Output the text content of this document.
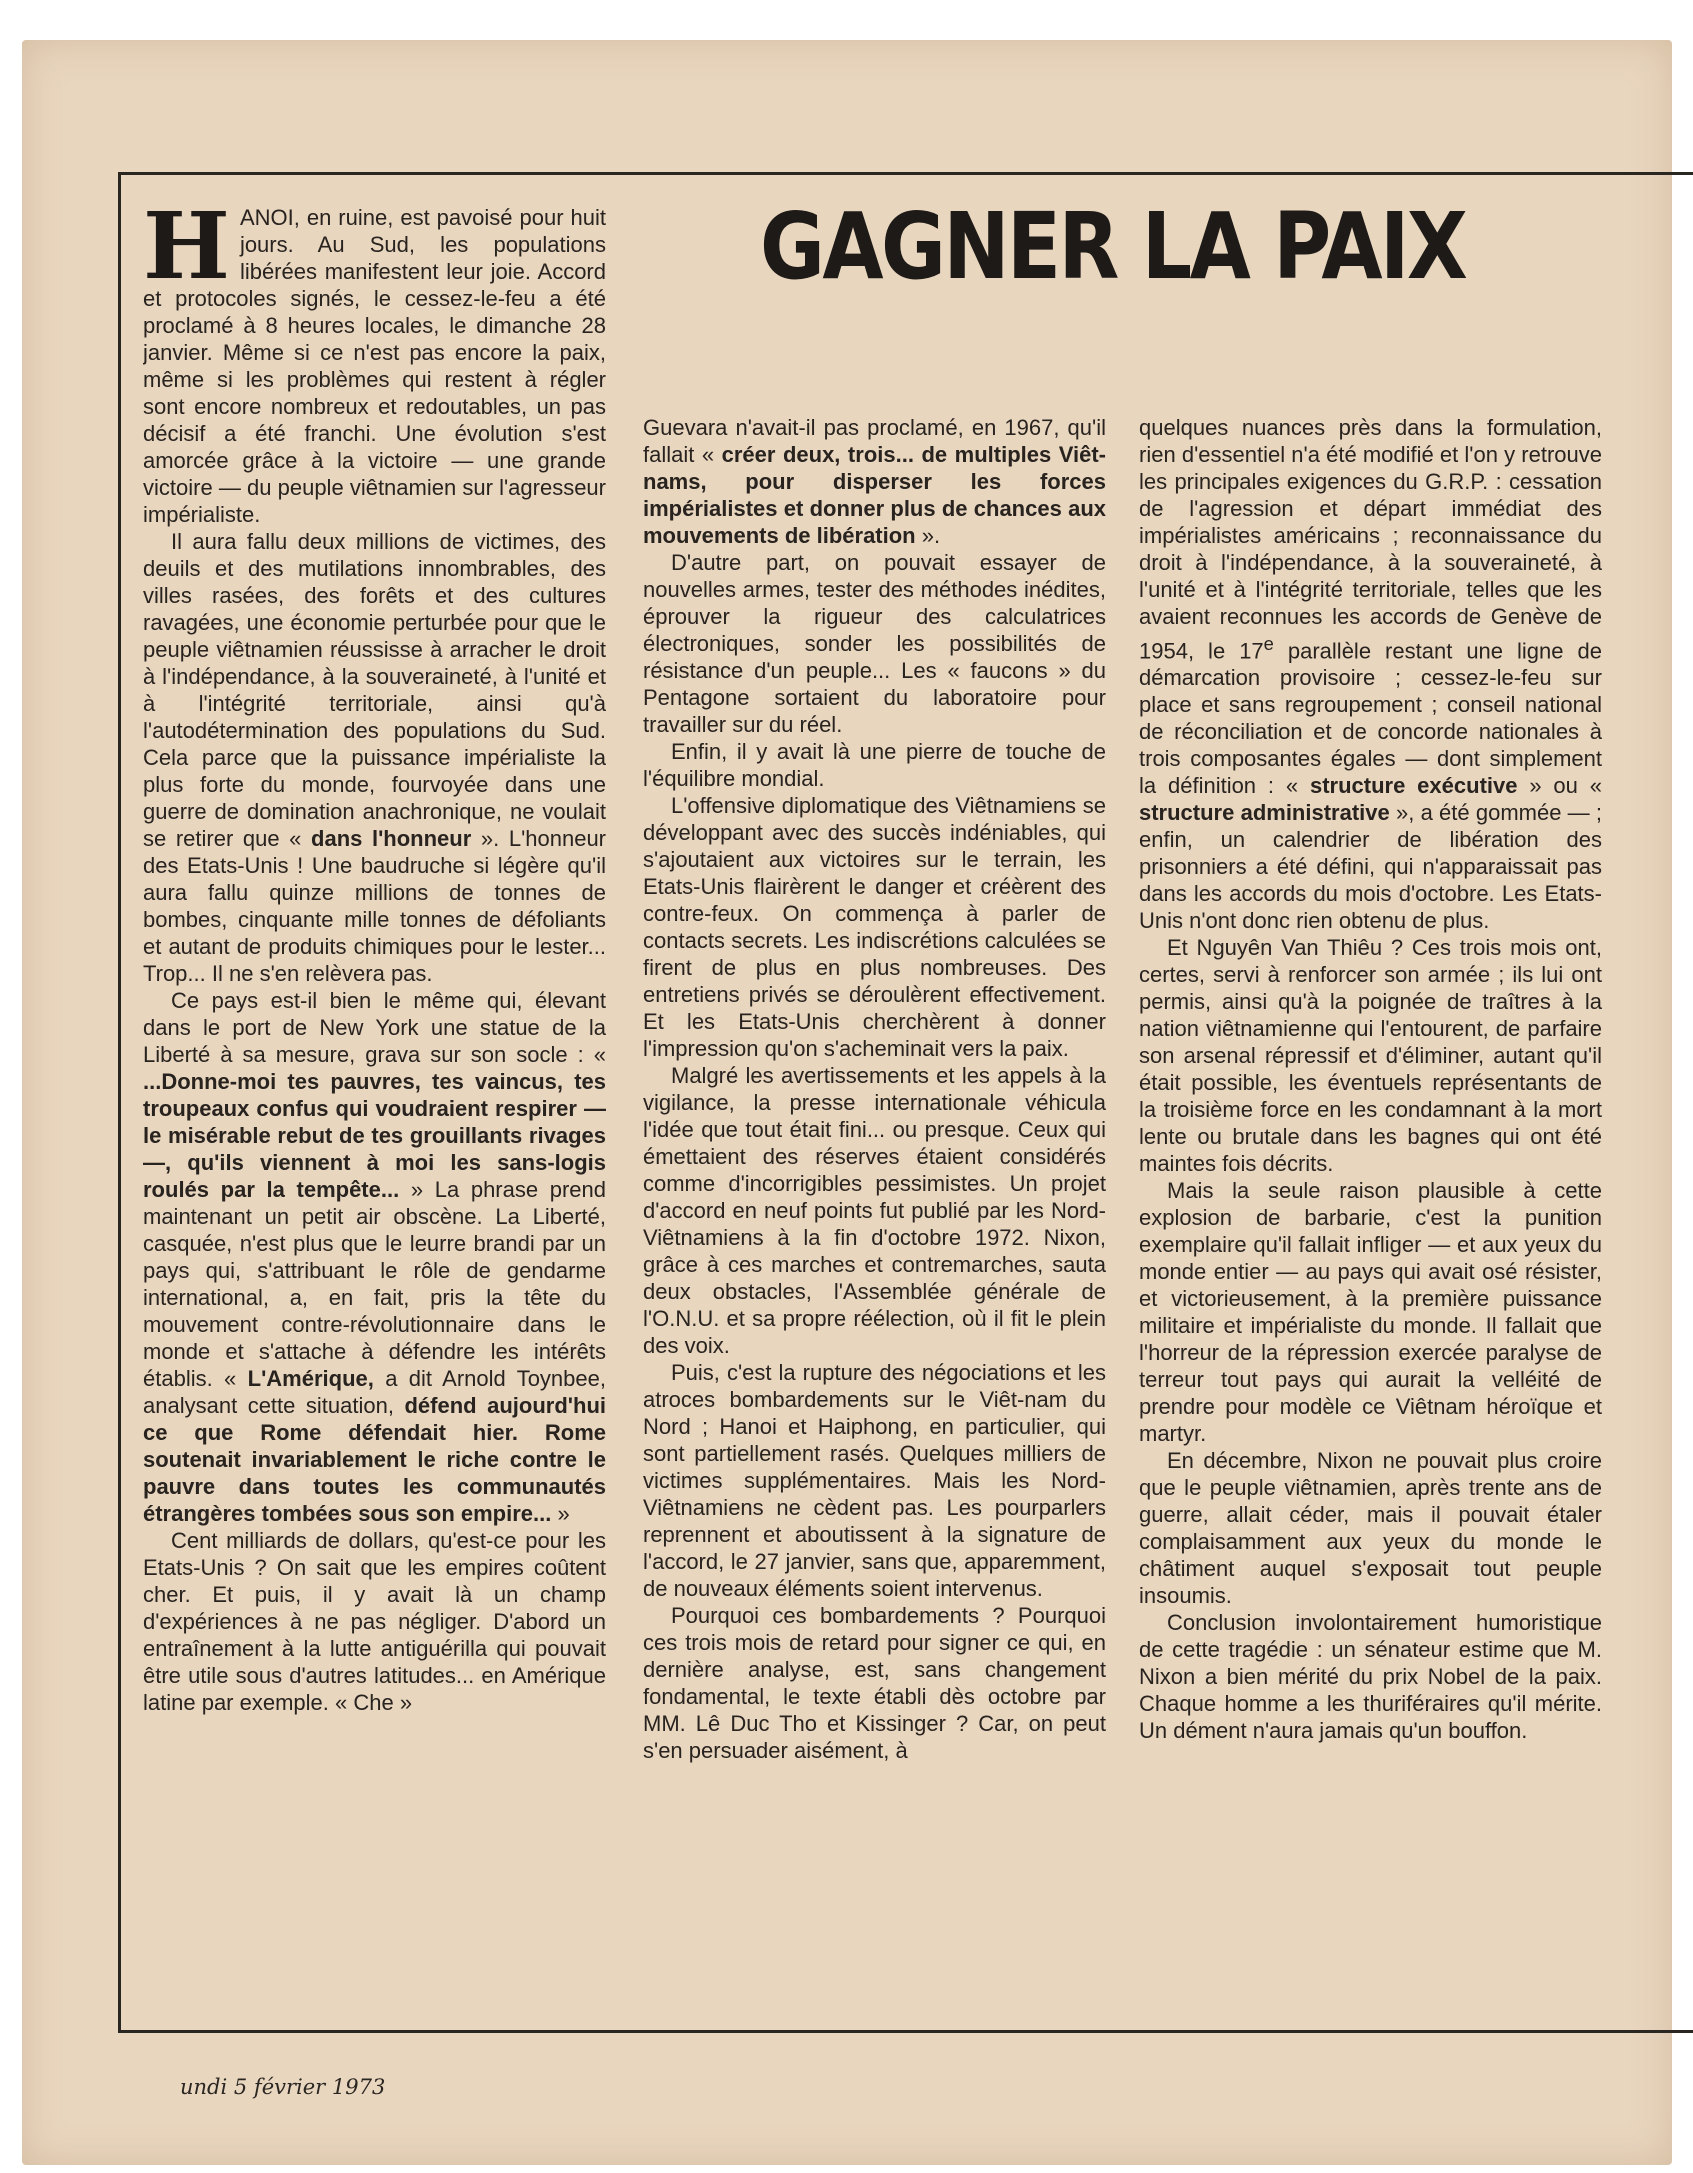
GAGNER LA PAIX

HANOI, en ruine, est pavoisé pour huit jours. Au Sud, les populations libérées manifestent leur joie. Accord et protocoles signés, le cessez-le-feu a été proclamé à 8 heures locales, le dimanche 28 janvier. Même si ce n'est pas encore la paix, même si les problèmes qui restent à régler sont encore nombreux et redoutables, un pas décisif a été franchi. Une évolution s'est amorcée grâce à la victoire — une grande victoire — du peuple viêtnamien sur l'agresseur impérialiste.

Il aura fallu deux millions de victimes, des deuils et des mutilations innombrables, des villes rasées, des forêts et des cultures ravagées, une économie perturbée pour que le peuple viêtnamien réussisse à arracher le droit à l'indépendance, à la souveraineté, à l'unité et à l'intégrité territoriale, ainsi qu'à l'autodétermination des populations du Sud. Cela parce que la puissance impérialiste la plus forte du monde, fourvoyée dans une guerre de domination anachronique, ne voulait se retirer que « dans l'honneur ». L'honneur des Etats-Unis ! Une baudruche si légère qu'il aura fallu quinze millions de tonnes de bombes, cinquante mille tonnes de défoliants et autant de produits chimiques pour le lester... Trop... Il ne s'en relèvera pas.

Ce pays est-il bien le même qui, élevant dans le port de New York une statue de la Liberté à sa mesure, grava sur son socle : « ...Donne-moi tes pauvres, tes vaincus, tes troupeaux confus qui voudraient respirer — le misérable rebut de tes grouillants rivages —, qu'ils viennent à moi les sans-logis roulés par la tempête... » La phrase prend maintenant un petit air obscène. La Liberté, casquée, n'est plus que le leurre brandi par un pays qui, s'attribuant le rôle de gendarme international, a, en fait, pris la tête du mouvement contre-révolutionnaire dans le monde et s'attache à défendre les intérêts établis. « L'Amérique, a dit Arnold Toynbee, analysant cette situation, défend aujourd'hui ce que Rome défendait hier. Rome soutenait invariablement le riche contre le pauvre dans toutes les communautés étrangères tombées sous son empire... »

Cent milliards de dollars, qu'est-ce pour les Etats-Unis ? On sait que les empires coûtent cher. Et puis, il y avait là un champ d'expériences à ne pas négliger. D'abord un entraînement à la lutte antiguérilla qui pouvait être utile sous d'autres latitudes... en Amérique latine par exemple. « Che »

Guevara n'avait-il pas proclamé, en 1967, qu'il fallait « créer deux, trois... de multiples Viêt-nams, pour disperser les forces impérialistes et donner plus de chances aux mouvements de libération ».

D'autre part, on pouvait essayer de nouvelles armes, tester des méthodes inédites, éprouver la rigueur des calculatrices électroniques, sonder les possibilités de résistance d'un peuple... Les « faucons » du Pentagone sortaient du laboratoire pour travailler sur du réel.

Enfin, il y avait là une pierre de touche de l'équilibre mondial.

L'offensive diplomatique des Viêtnamiens se développant avec des succès indéniables, qui s'ajoutaient aux victoires sur le terrain, les Etats-Unis flairèrent le danger et créèrent des contre-feux. On commença à parler de contacts secrets. Les indiscrétions calculées se firent de plus en plus nombreuses. Des entretiens privés se déroulèrent effectivement. Et les Etats-Unis cherchèrent à donner l'impression qu'on s'acheminait vers la paix.

Malgré les avertissements et les appels à la vigilance, la presse internationale véhicula l'idée que tout était fini... ou presque. Ceux qui émettaient des réserves étaient considérés comme d'incorrigibles pessimistes. Un projet d'accord en neuf points fut publié par les Nord-Viêtnamiens à la fin d'octobre 1972. Nixon, grâce à ces marches et contremarches, sauta deux obstacles, l'Assemblée générale de l'O.N.U. et sa propre réélection, où il fit le plein des voix.

Puis, c'est la rupture des négociations et les atroces bombardements sur le Viêt-nam du Nord ; Hanoi et Haiphong, en particulier, qui sont partiellement rasés. Quelques milliers de victimes supplémentaires. Mais les Nord-Viêtnamiens ne cèdent pas. Les pourparlers reprennent et aboutissent à la signature de l'accord, le 27 janvier, sans que, apparemment, de nouveaux éléments soient intervenus.

Pourquoi ces bombardements ? Pourquoi ces trois mois de retard pour signer ce qui, en dernière analyse, est, sans changement fondamental, le texte établi dès octobre par MM. Lê Duc Tho et Kissinger ? Car, on peut s'en persuader aisément, à

quelques nuances près dans la formulation, rien d'essentiel n'a été modifié et l'on y retrouve les principales exigences du G.R.P. : cessation de l'agression et départ immédiat des impérialistes américains ; reconnaissance du droit à l'indépendance, à la souveraineté, à l'unité et à l'intégrité territoriale, telles que les avaient reconnues les accords de Genève de 1954, le 17e parallèle restant une ligne de démarcation provisoire ; cessez-le-feu sur place et sans regroupement ; conseil national de réconciliation et de concorde nationales à trois composantes égales — dont simplement la définition : « structure exécutive » ou « structure administrative », a été gommée — ; enfin, un calendrier de libération des prisonniers a été défini, qui n'apparaissait pas dans les accords du mois d'octobre. Les Etats-Unis n'ont donc rien obtenu de plus.

Et Nguyên Van Thiêu ? Ces trois mois ont, certes, servi à renforcer son armée ; ils lui ont permis, ainsi qu'à la poignée de traîtres à la nation viêtnamienne qui l'entourent, de parfaire son arsenal répressif et d'éliminer, autant qu'il était possible, les éventuels représentants de la troisième force en les condamnant à la mort lente ou brutale dans les bagnes qui ont été maintes fois décrits.

Mais la seule raison plausible à cette explosion de barbarie, c'est la punition exemplaire qu'il fallait infliger — et aux yeux du monde entier — au pays qui avait osé résister, et victorieusement, à la première puissance militaire et impérialiste du monde. Il fallait que l'horreur de la répression exercée paralyse de terreur tout pays qui aurait la velléité de prendre pour modèle ce Viêtnam héroïque et martyr.

En décembre, Nixon ne pouvait plus croire que le peuple viêtnamien, après trente ans de guerre, allait céder, mais il pouvait étaler complaisamment aux yeux du monde le châtiment auquel s'exposait tout peuple insoumis.

Conclusion involontairement humoristique de cette tragédie : un sénateur estime que M. Nixon a bien mérité du prix Nobel de la paix. Chaque homme a les thuriféraires qu'il mérite. Un dément n'aura jamais qu'un bouffon.

undi 5 février 1973
